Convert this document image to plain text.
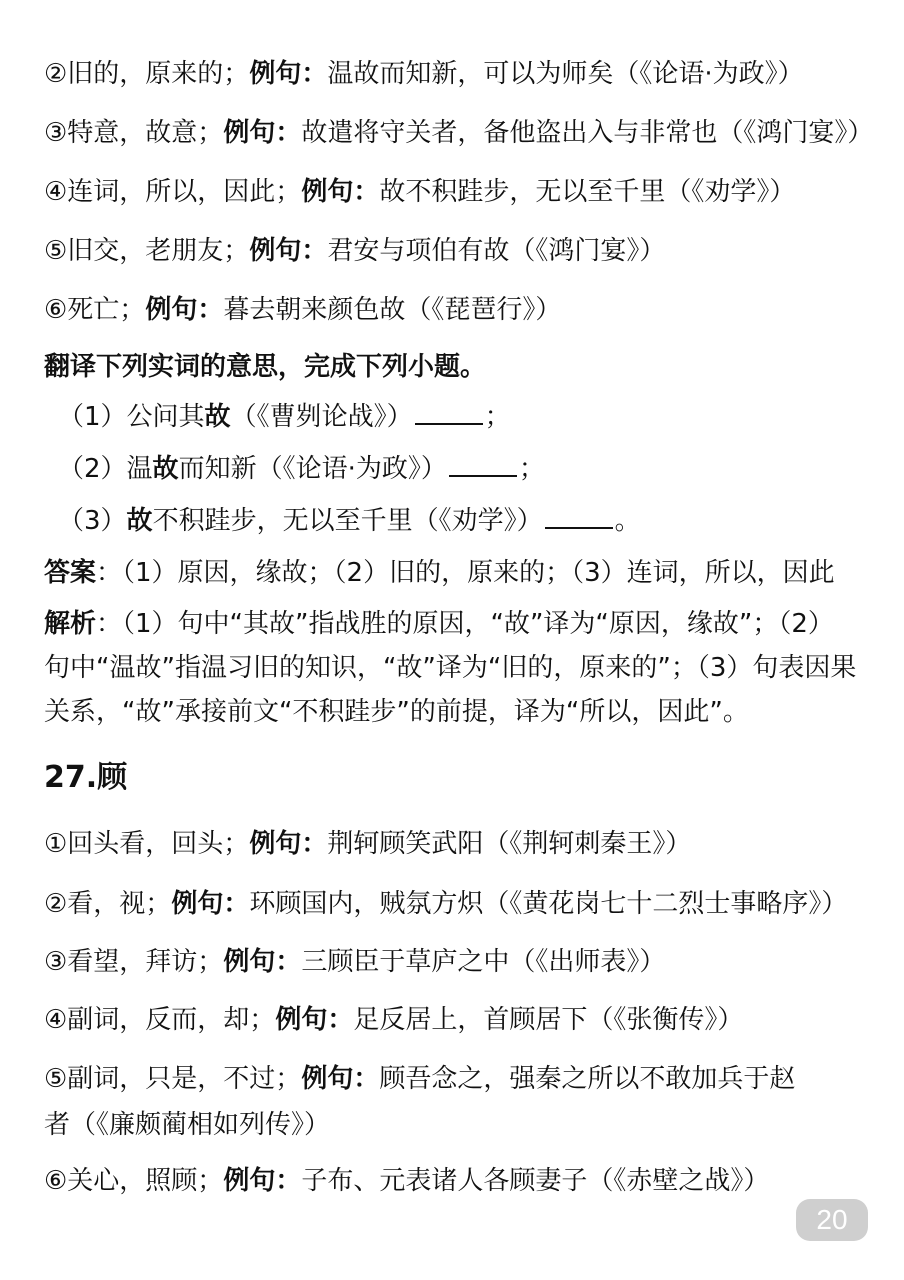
②旧的，原来的；例句：温故而知新，可以为师矣（《论语·为政》）
③特意，故意；例句：故遣将守关者，备他盗出入与非常也（《鸿门宴》）
④连词，所以，因此；例句：故不积跬步，无以至千里（《劝学》）
⑤旧交，老朋友；例句：君安与项伯有故（《鸿门宴》）
⑥死亡；例句：暮去朝来颜色故（《琵琶行》）
翻译下列实词的意思，完成下列小题。
（1）公问其故（《曹刿论战》）	；
（2）温故而知新（《论语·为政》）	；
（3）故不积跬步，无以至千里（《劝学》）	。
答案：（1）原因，缘故；（2）旧的，原来的；（3）连词，所以，因此
解析：（1）句中“其故”指战胜的原因，“故”译为“原因，缘故”；（2）
句中“温故”指温习旧的知识，“故”译为“旧的，原来的”；（3）句表因果
关系，“故”承接前文“不积跬步”的前提，译为“所以，因此”。
27.顾
①回头看，回头；例句：荆轲顾笑武阳（《荆轲刺秦王》）
②看，视；例句：环顾国内，贼氛方炽（《黄花岗七十二烈士事略序》）
③看望，拜访；例句：三顾臣于草庐之中（《出师表》）
④副词，反而，却；例句：足反居上，首顾居下（《张衡传》）
⑤副词，只是，不过；例句：顾吾念之，强秦之所以不敢加兵于赵
者（《廉颇蔺相如列传》）
⑥关心，照顾；例句：子布、元表诸人各顾妻子（《赤壁之战》）
20
